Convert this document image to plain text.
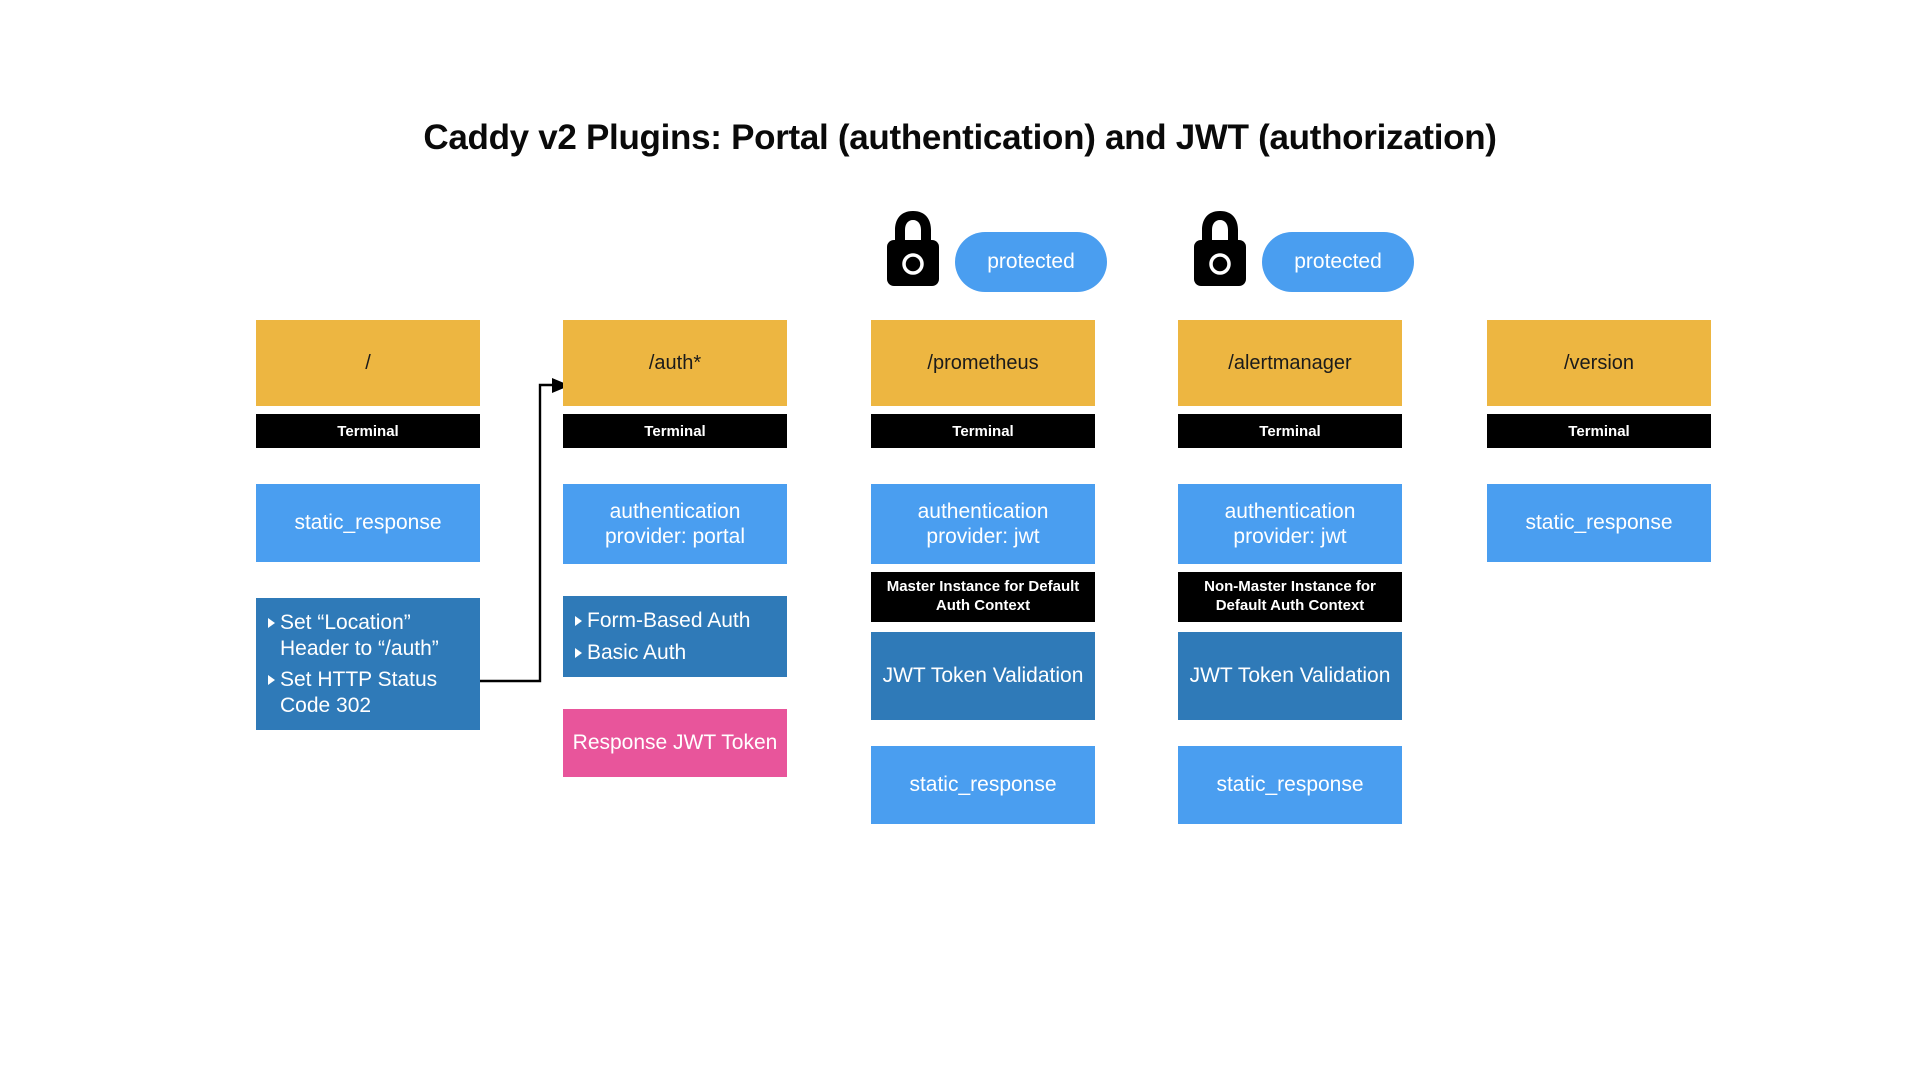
Caddy v2 Plugins: Portal (authentication) and JWT (authorization)
/
Terminal
static_response
Set “Location” Header to “/auth”
Set HTTP Status Code 302
/auth*
Terminal
authentication provider: portal
Form-Based Auth
Basic Auth
Response JWT Token
/prometheus
Terminal
authentication provider: jwt
Master Instance for Default Auth Context
JWT Token Validation
static_response
protected
/alertmanager
Terminal
authentication provider: jwt
Non-Master Instance for Default Auth Context
JWT Token Validation
static_response
protected
/version
Terminal
static_response
